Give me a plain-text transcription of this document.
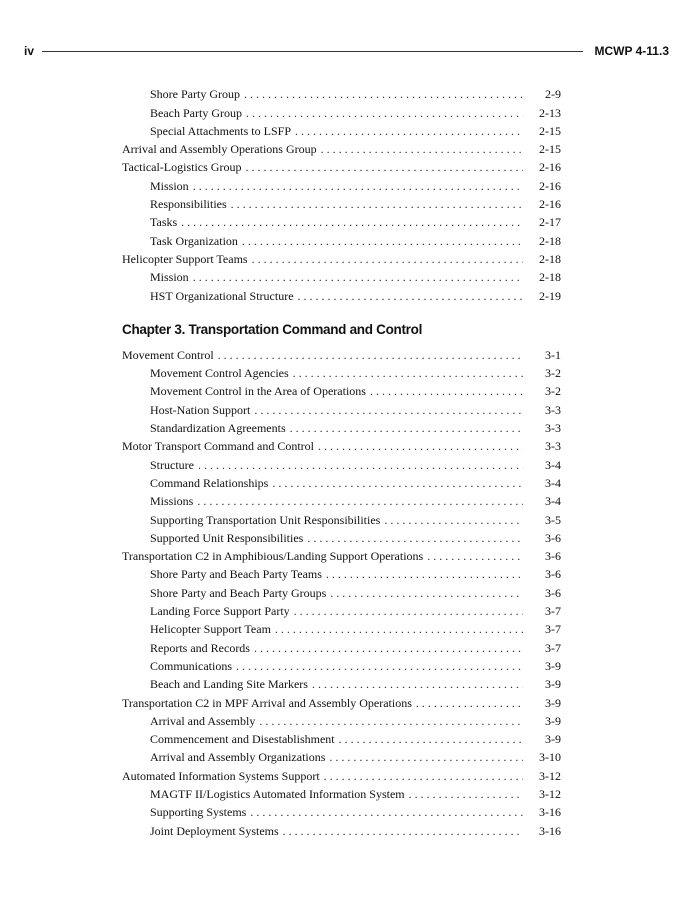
iv	MCWP 4-11.3
Shore Party Group . . .	2-9
Beach Party Group . . .	2-13
Special Attachments to LSFP . . .	2-15
Arrival and Assembly Operations Group . . .	2-15
Tactical-Logistics Group . . .	2-16
Mission . . .	2-16
Responsibilities . . .	2-16
Tasks . . .	2-17
Task Organization . . .	2-18
Helicopter Support Teams . . .	2-18
Mission . . .	2-18
HST Organizational Structure . . .	2-19
Chapter 3. Transportation Command and Control
Movement Control . . .	3-1
Movement Control Agencies . . .	3-2
Movement Control in the Area of Operations . . .	3-2
Host-Nation Support . . .	3-3
Standardization Agreements . . .	3-3
Motor Transport Command and Control . . .	3-3
Structure . . .	3-4
Command Relationships . . .	3-4
Missions . . .	3-4
Supporting Transportation Unit Responsibilities . . .	3-5
Supported Unit Responsibilities . . .	3-6
Transportation C2 in Amphibious/Landing Support Operations . . .	3-6
Shore Party and Beach Party Teams . . .	3-6
Shore Party and Beach Party Groups . . .	3-6
Landing Force Support Party . . .	3-7
Helicopter Support Team . . .	3-7
Reports and Records . . .	3-7
Communications . . .	3-9
Beach and Landing Site Markers . . .	3-9
Transportation C2 in MPF Arrival and Assembly Operations . . .	3-9
Arrival and Assembly . . .	3-9
Commencement and Disestablishment . . .	3-9
Arrival and Assembly Organizations . . .	3-10
Automated Information Systems Support . . .	3-12
MAGTF II/Logistics Automated Information System . . .	3-12
Supporting Systems . . .	3-16
Joint Deployment Systems . . .	3-16
